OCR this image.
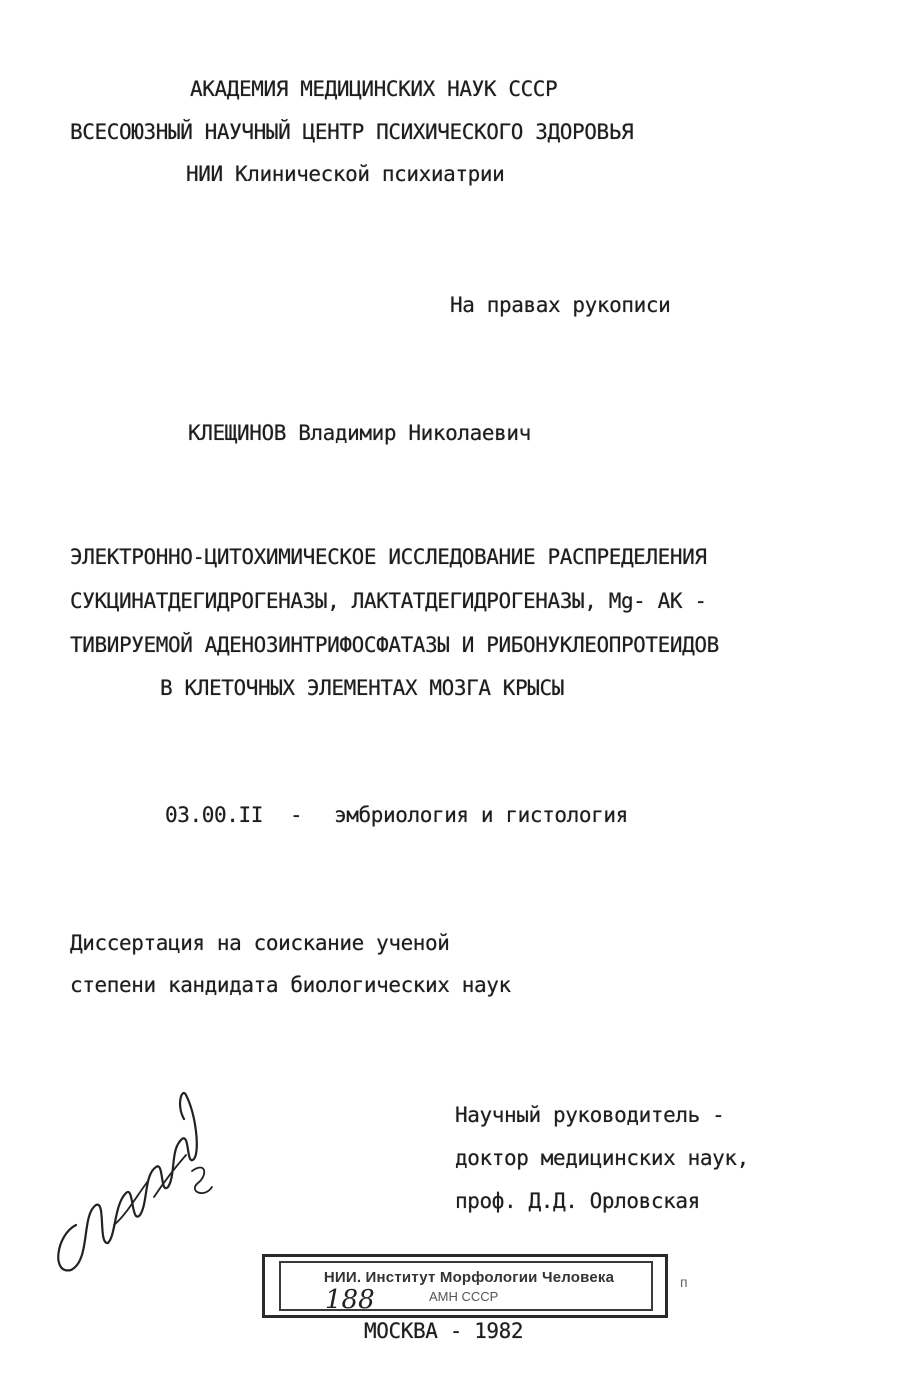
АКАДЕМИЯ МЕДИЦИНСКИХ НАУК СССР
ВСЕСОЮЗНЫЙ НАУЧНЫЙ ЦЕНТР ПСИХИЧЕСКОГО ЗДОРОВЬЯ
НИИ Клинической психиатрии
На правах рукописи
КЛЕЩИНОВ Владимир Николаевич
ЭЛЕКТРОННО-ЦИТОХИМИЧЕСКОЕ ИССЛЕДОВАНИЕ РАСПРЕДЕЛЕНИЯ
СУКЦИНАТДЕГИДРОГЕНАЗЫ, ЛАКТАТДЕГИДРОГЕНАЗЫ, Mg- АК -
ТИВИРУЕМОЙ АДЕНОЗИНТРИФОСФАТАЗЫ И РИБОНУКЛЕОПРОТЕИДОВ
В КЛЕТОЧНЫХ ЭЛЕМЕНТАХ МОЗГА КРЫСЫ
03.00.II - эмбриология и гистология
Диссертация на соискание ученой
степени кандидата биологических наук
Научный руководитель -
доктор медицинских наук,
проф. Д.Д. Орловская
НИИ. Институт Морфологии Человека
АМН СССР
188
п
МОСКВА - 1982
